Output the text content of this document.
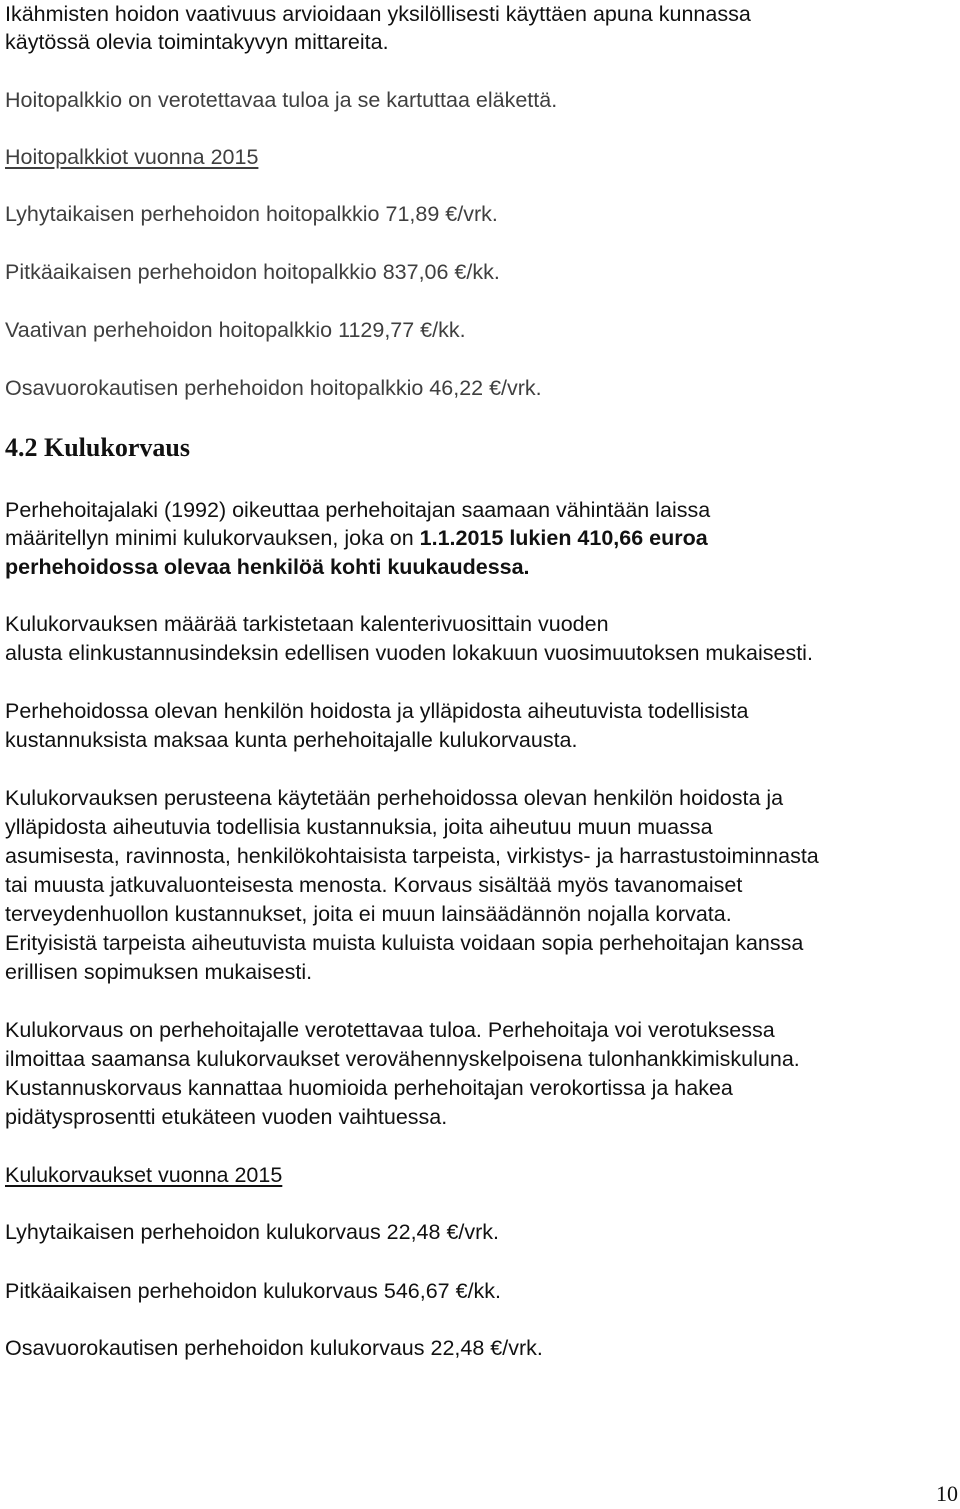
Ikähmisten hoidon vaativuus arvioidaan yksilöllisesti käyttäen apuna kunnassa
käytössä olevia toimintakyvyn mittareita.
Hoitopalkkio on verotettavaa tuloa ja se kartuttaa eläkettä.
Hoitopalkkiot vuonna 2015
Lyhytaikaisen perhehoidon hoitopalkkio 71,89 €/vrk.
Pitkäaikaisen perhehoidon hoitopalkkio 837,06 €/kk.
Vaativan perhehoidon hoitopalkkio 1129,77 €/kk.
Osavuorokautisen perhehoidon hoitopalkkio 46,22 €/vrk.
4.2 Kulukorvaus
Perhehoitajalaki (1992) oikeuttaa perhehoitajan saamaan vähintään laissa
määritellyn minimi kulukorvauksen, joka on 1.1.2015 lukien 410,66 euroa
perhehoidossa olevaa henkilöä kohti kuukaudessa.
Kulukorvauksen määrää tarkistetaan kalenterivuosittain vuoden
alusta elinkustannusindeksin edellisen vuoden lokakuun vuosimuutoksen mukaisesti.
Perhehoidossa olevan henkilön hoidosta ja ylläpidosta aiheutuvista todellisista
kustannuksista maksaa kunta perhehoitajalle kulukorvausta.
Kulukorvauksen perusteena käytetään perhehoidossa olevan henkilön hoidosta ja
ylläpidosta aiheutuvia todellisia kustannuksia, joita aiheutuu muun muassa
asumisesta, ravinnosta, henkilökohtaisista tarpeista, virkistys- ja harrastustoiminnasta
tai muusta jatkuvaluonteisesta menosta. Korvaus sisältää myös tavanomaiset
terveydenhuollon kustannukset, joita ei muun lainsäädännön nojalla korvata.
Erityisistä tarpeista aiheutuvista muista kuluista voidaan sopia perhehoitajan kanssa
erillisen sopimuksen mukaisesti.
Kulukorvaus on perhehoitajalle verotettavaa tuloa. Perhehoitaja voi verotuksessa
ilmoittaa saamansa kulukorvaukset verovähennyskelpoisena tulonhankkimiskuluna.
Kustannuskorvaus kannattaa huomioida perhehoitajan verokortissa ja hakea
pidätysprosentti etukäteen vuoden vaihtuessa.
Kulukorvaukset vuonna 2015
Lyhytaikaisen perhehoidon kulukorvaus 22,48 €/vrk.
Pitkäaikaisen perhehoidon kulukorvaus 546,67 €/kk.
Osavuorokautisen perhehoidon kulukorvaus 22,48 €/vrk.
10
